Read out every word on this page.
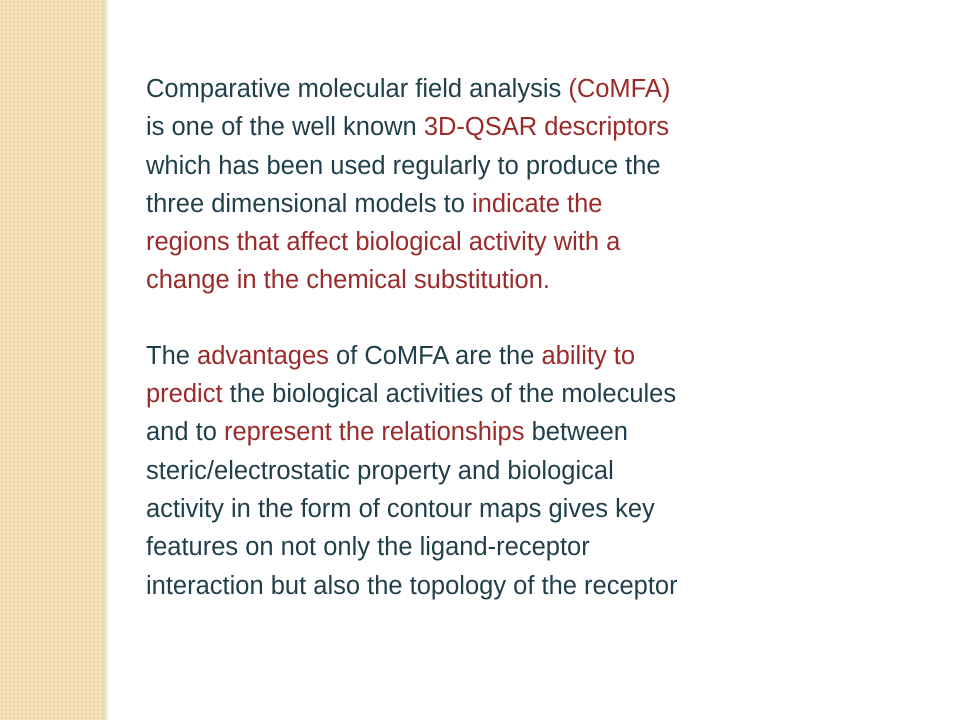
Comparative molecular field analysis (CoMFA)
is one of the well known 3D-QSAR descriptors
which has been used regularly to produce the
three dimensional models to indicate the
regions that affect biological activity with a
change in the chemical substitution.

The advantages of CoMFA are the ability to
predict the biological activities of the molecules
and to represent the relationships between
steric/electrostatic property and biological
activity in the form of contour maps gives key
features on not only the ligand-receptor
interaction but also the topology of the receptor
